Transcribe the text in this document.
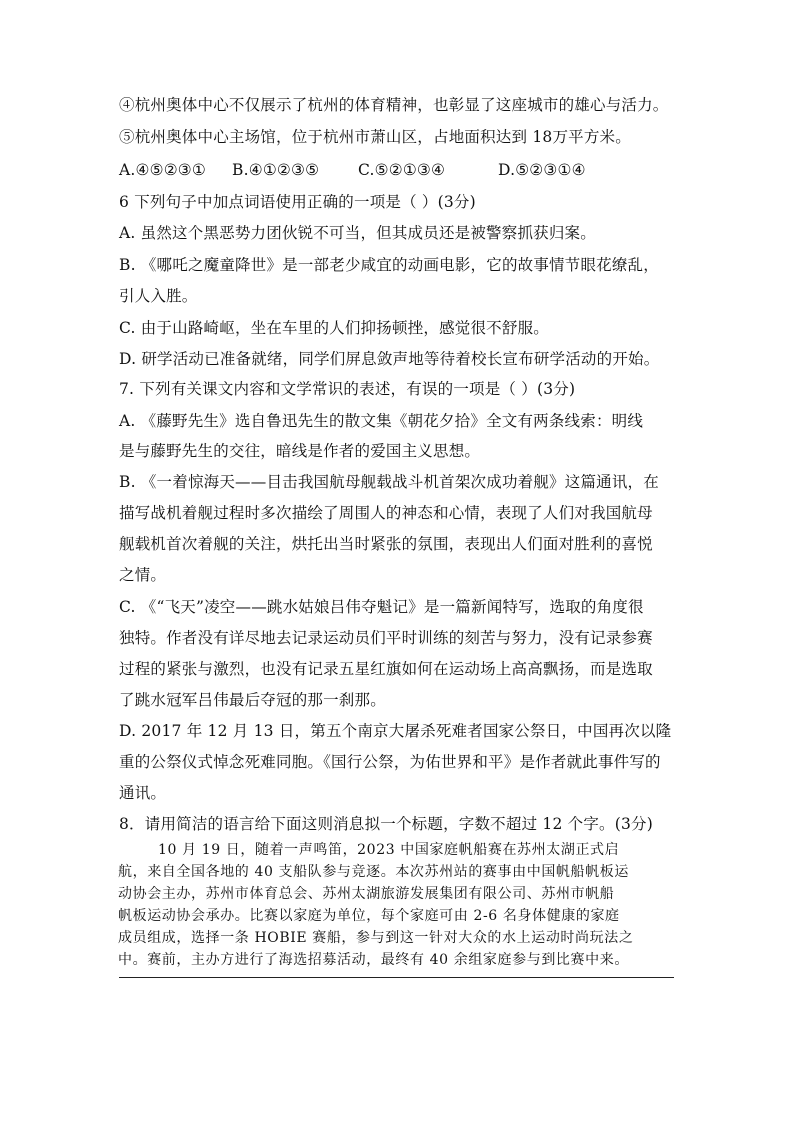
④杭州奥体中心不仅展示了杭州的体育精神，也彰显了这座城市的雄心与活力。
⑤杭州奥体中心主场馆，位于杭州市萧山区，占地面积达到 18万平方米。
A.④⑤②③① B.④①②③⑤	C.⑤②①③④	D.⑤②③①④
6 下列句子中加点词语使用正确的一项是（ ）(3分)
A. 虽然这个黑恶势力团伙锐不可当，但其成员还是被警察抓获归案。
B. 《哪吒之魔童降世》是一部老少咸宜的动画电影，它的故事情节眼花缭乱，
引人入胜。
C. 由于山路崎岖，坐在车里的人们抑扬顿挫，感觉很不舒服。
D. 研学活动已准备就绪，同学们屏息敛声地等待着校长宣布研学活动的开始。
7. 下列有关课文内容和文学常识的表述，有误的一项是（ ）(3分)
A. 《藤野先生》选自鲁迅先生的散文集《朝花夕拾》全文有两条线索：明线
是与藤野先生的交往，暗线是作者的爱国主义思想。
B. 《一着惊海天——目击我国航母舰载战斗机首架次成功着舰》这篇通讯，在
描写战机着舰过程时多次描绘了周围人的神态和心情，表现了人们对我国航母
舰载机首次着舰的关注，烘托出当时紧张的氛围，表现出人们面对胜利的喜悦
之情。
C. 《“飞天”凌空——跳水姑娘吕伟夺魁记》是一篇新闻特写，选取的角度很
独特。作者没有详尽地去记录运动员们平时训练的刻苦与努力，没有记录参赛
过程的紧张与激烈，也没有记录五星红旗如何在运动场上高高飘扬，而是选取
了跳水冠军吕伟最后夺冠的那一刹那。
D. 2017 年 12 月 13 日，第五个南京大屠杀死难者国家公祭日，中国再次以隆
重的公祭仪式悼念死难同胞。《国行公祭，为佑世界和平》是作者就此事件写的
通讯。
8．请用简洁的语言给下面这则消息拟一个标题，字数不超过 12 个字。(3分)
10 月 19 日，随着一声鸣笛，2023 中国家庭帆船赛在苏州太湖正式启
航，来自全国各地的 40 支船队参与竞逐。本次苏州站的赛事由中国帆船帆板运
动协会主办，苏州市体育总会、苏州太湖旅游发展集团有限公司、苏州市帆船
帆板运动协会承办。比赛以家庭为单位，每个家庭可由 2-6 名身体健康的家庭
成员组成，选择一条 HOBIE 赛船，参与到这一针对大众的水上运动时尚玩法之
中。赛前，主办方进行了海选招募活动，最终有 40 余组家庭参与到比赛中来。
